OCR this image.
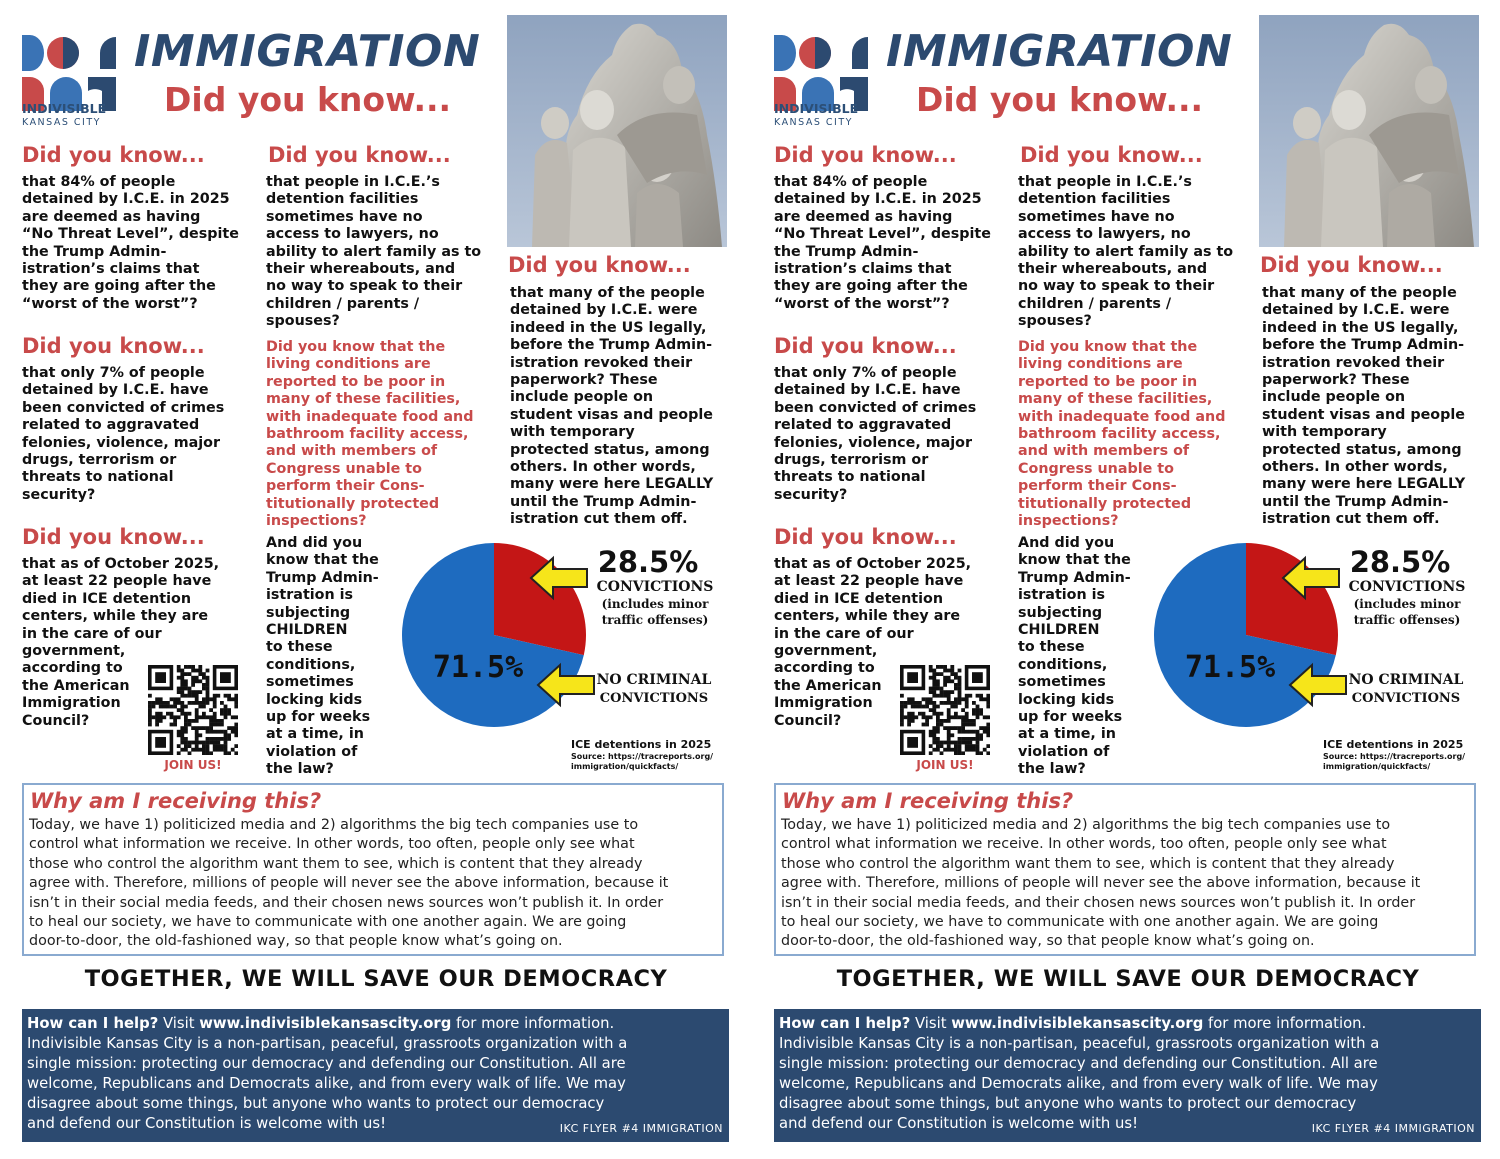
INDIVISIBLE
KANSAS CITY
IMMIGRATION
Did you know...
Did you know...
that 84% of people
detained by I.C.E. in 2025
are deemed as having
“No Threat Level”, despite
the Trump Admin-
istration’s claims that
they are going after the
“worst of the worst”?
Did you know...
that only 7% of people
detained by I.C.E. have
been convicted of crimes
related to aggravated
felonies, violence, major
drugs, terrorism or
threats to national
security?
Did you know...
that as of October 2025,
at least 22 people have
died in ICE detention
centers, while they are
in the care of our
government,
according to
the American
Immigration
Council?
JOIN US!
Did you know...
that people in I.C.E.’s
detention facilities
sometimes have no
access to lawyers, no
ability to alert family as to
their whereabouts, and
no way to speak to their
children / parents /
spouses?
Did you know that the
living conditions are
reported to be poor in
many of these facilities,
with inadequate food and
bathroom facility access,
and with members of
Congress unable to
perform their Cons-
titutionally protected
inspections?
And did you
know that the
Trump Admin-
istration is
subjecting
CHILDREN
to these
conditions,
sometimes
locking kids
up for weeks
at a time, in
violation of
the law?
Did you know...
that many of the people
detained by I.C.E. were
indeed in the US legally,
before the Trump Admin-
istration revoked their
paperwork? These
include people on
student visas and people
with temporary
protected status, among
others. In other words,
many were here LEGALLY
until the Trump Admin-
istration cut them off.
71.5%
28.5%
CONVICTIONS
(includes minor
traffic offenses)
NO CRIMINAL
CONVICTIONS
ICE detentions in 2025
Source: https://tracreports.org/
immigration/quickfacts/
Why am I receiving this?
Today, we have 1) politicized media and 2) algorithms the big tech companies use to
control what information we receive. In other words, too often, people only see what
those who control the algorithm want them to see, which is content that they already
agree with. Therefore, millions of people will never see the above information, because it
isn’t in their social media feeds, and their chosen news sources won’t publish it. In order
to heal our society, we have to communicate with one another again. We are going
door-to-door, the old-fashioned way, so that people know what’s going on.
TOGETHER, WE WILL SAVE OUR DEMOCRACY
How can I help? Visit www.indivisiblekansascity.org for more information.
Indivisible Kansas City is a non-partisan, peaceful, grassroots organization with a
single mission: protecting our democracy and defending our Constitution. All are
welcome, Republicans and Democrats alike, and from every walk of life. We may
disagree about some things, but anyone who wants to protect our democracy
and defend our Constitution is welcome with us!	IKC FLYER #4 IMMIGRATION
INDIVISIBLE
KANSAS CITY
IMMIGRATION
Did you know...
Did you know...
that 84% of people
detained by I.C.E. in 2025
are deemed as having
“No Threat Level”, despite
the Trump Admin-
istration’s claims that
they are going after the
“worst of the worst”?
Did you know...
that only 7% of people
detained by I.C.E. have
been convicted of crimes
related to aggravated
felonies, violence, major
drugs, terrorism or
threats to national
security?
Did you know...
that as of October 2025,
at least 22 people have
died in ICE detention
centers, while they are
in the care of our
government,
according to
the American
Immigration
Council?
JOIN US!
Did you know...
that people in I.C.E.’s
detention facilities
sometimes have no
access to lawyers, no
ability to alert family as to
their whereabouts, and
no way to speak to their
children / parents /
spouses?
Did you know that the
living conditions are
reported to be poor in
many of these facilities,
with inadequate food and
bathroom facility access,
and with members of
Congress unable to
perform their Cons-
titutionally protected
inspections?
And did you
know that the
Trump Admin-
istration is
subjecting
CHILDREN
to these
conditions,
sometimes
locking kids
up for weeks
at a time, in
violation of
the law?
Did you know...
that many of the people
detained by I.C.E. were
indeed in the US legally,
before the Trump Admin-
istration revoked their
paperwork? These
include people on
student visas and people
with temporary
protected status, among
others. In other words,
many were here LEGALLY
until the Trump Admin-
istration cut them off.
71.5%
28.5%
CONVICTIONS
(includes minor
traffic offenses)
NO CRIMINAL
CONVICTIONS
ICE detentions in 2025
Source: https://tracreports.org/
immigration/quickfacts/
Why am I receiving this?
Today, we have 1) politicized media and 2) algorithms the big tech companies use to
control what information we receive. In other words, too often, people only see what
those who control the algorithm want them to see, which is content that they already
agree with. Therefore, millions of people will never see the above information, because it
isn’t in their social media feeds, and their chosen news sources won’t publish it. In order
to heal our society, we have to communicate with one another again. We are going
door-to-door, the old-fashioned way, so that people know what’s going on.
TOGETHER, WE WILL SAVE OUR DEMOCRACY
How can I help? Visit www.indivisiblekansascity.org for more information.
Indivisible Kansas City is a non-partisan, peaceful, grassroots organization with a
single mission: protecting our democracy and defending our Constitution. All are
welcome, Republicans and Democrats alike, and from every walk of life. We may
disagree about some things, but anyone who wants to protect our democracy
and defend our Constitution is welcome with us!	IKC FLYER #4 IMMIGRATION
